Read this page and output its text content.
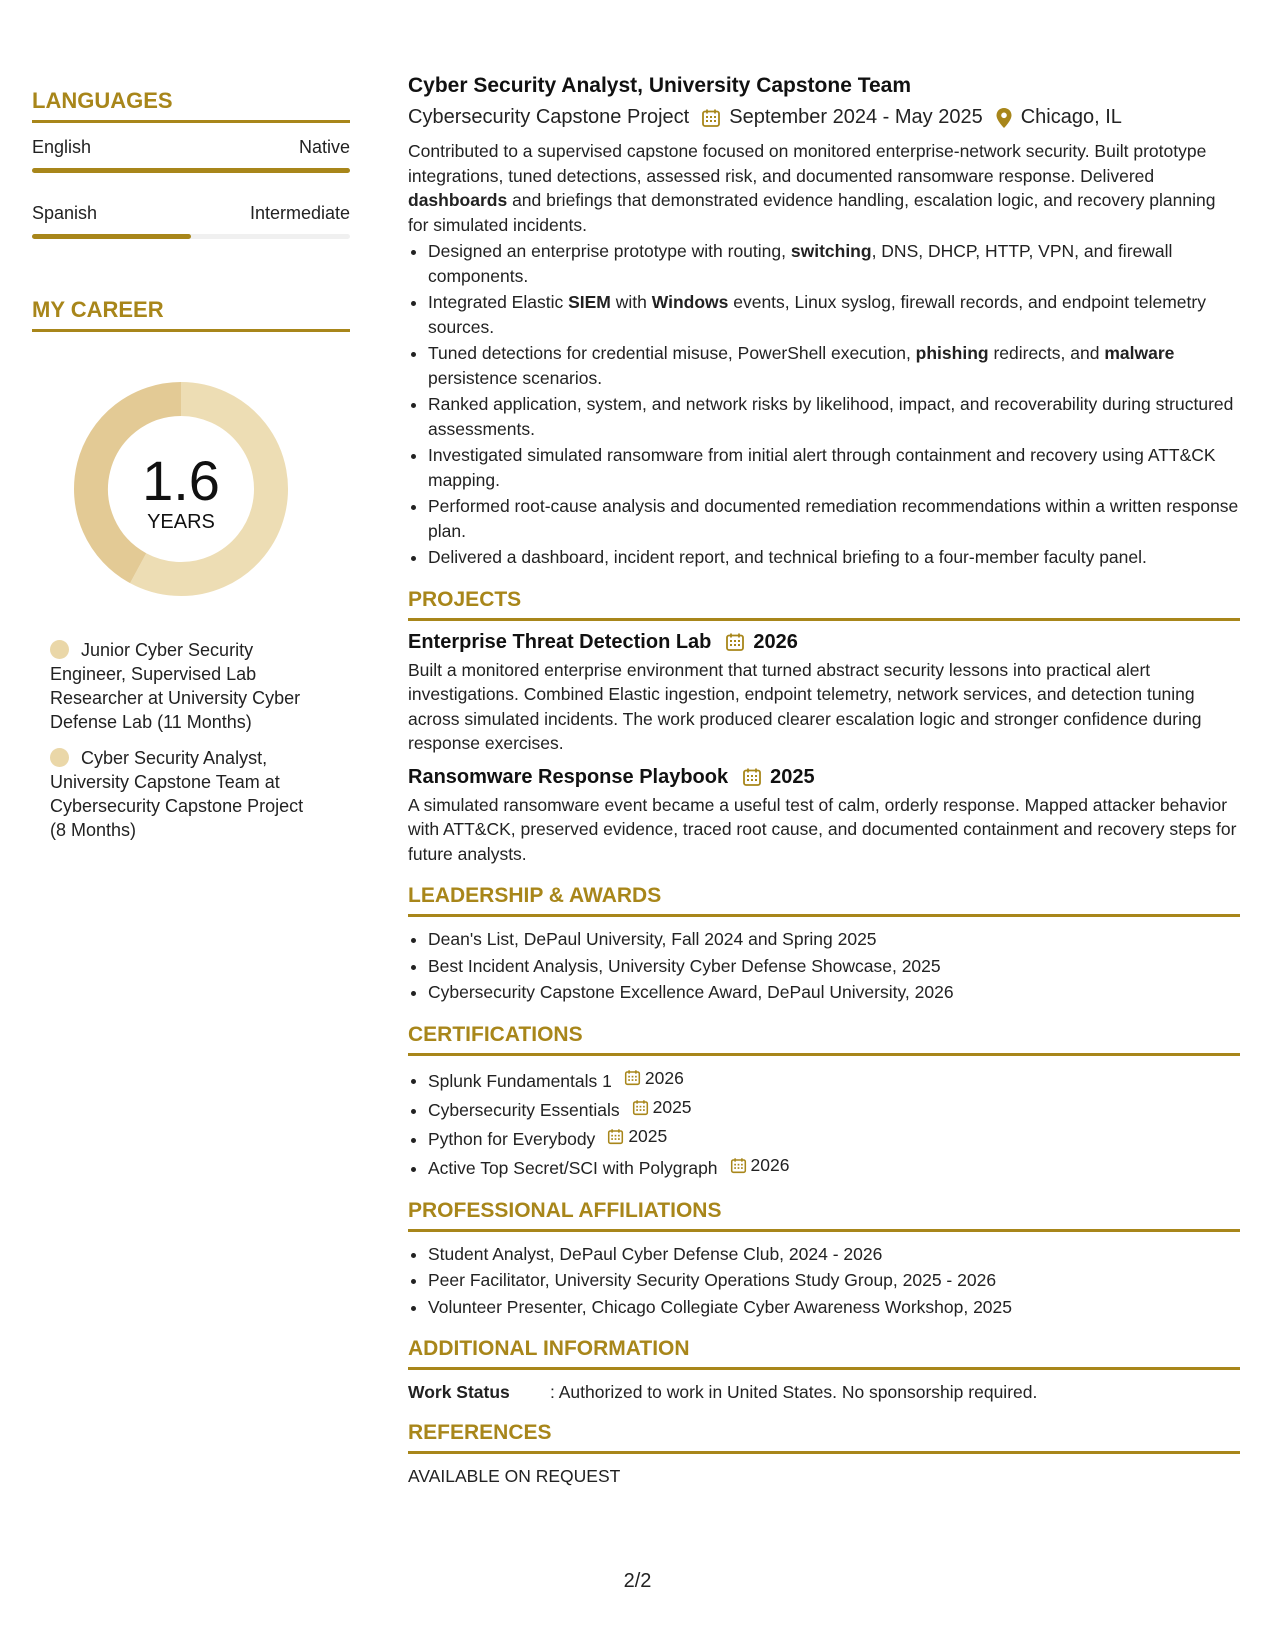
LANGUAGES
English	Native
Spanish	Intermediate
MY CAREER
1.6
YEARS
Junior Cyber Security Engineer, Supervised Lab Researcher at University Cyber Defense Lab (11 Months)
Cyber Security Analyst, University Capstone Team at Cybersecurity Capstone Project (8 Months)
Cyber Security Analyst, University Capstone Team
Cybersecurity Capstone Project September 2024 - May 2025 Chicago, IL
Contributed to a supervised capstone focused on monitored enterprise-network security. Built prototype integrations, tuned detections, assessed risk, and documented ransomware response. Delivered dashboards and briefings that demonstrated evidence handling, escalation logic, and recovery planning for simulated incidents.
• Designed an enterprise prototype with routing, switching, DNS, DHCP, HTTP, VPN, and firewall components.
• Integrated Elastic SIEM with Windows events, Linux syslog, firewall records, and endpoint telemetry sources.
• Tuned detections for credential misuse, PowerShell execution, phishing redirects, and malware persistence scenarios.
• Ranked application, system, and network risks by likelihood, impact, and recoverability during structured assessments.
• Investigated simulated ransomware from initial alert through containment and recovery using ATT&CK mapping.
• Performed root-cause analysis and documented remediation recommendations within a written response plan.
• Delivered a dashboard, incident report, and technical briefing to a four-member faculty panel.
PROJECTS
Enterprise Threat Detection Lab 2026
Built a monitored enterprise environment that turned abstract security lessons into practical alert investigations. Combined Elastic ingestion, endpoint telemetry, network services, and detection tuning across simulated incidents. The work produced clearer escalation logic and stronger confidence during response exercises.
Ransomware Response Playbook 2025
A simulated ransomware event became a useful test of calm, orderly response. Mapped attacker behavior with ATT&CK, preserved evidence, traced root cause, and documented containment and recovery steps for future analysts.
LEADERSHIP & AWARDS
• Dean's List, DePaul University, Fall 2024 and Spring 2025
• Best Incident Analysis, University Cyber Defense Showcase, 2025
• Cybersecurity Capstone Excellence Award, DePaul University, 2026
CERTIFICATIONS
• Splunk Fundamentals 1 2026
• Cybersecurity Essentials 2025
• Python for Everybody 2025
• Active Top Secret/SCI with Polygraph 2026
PROFESSIONAL AFFILIATIONS
• Student Analyst, DePaul Cyber Defense Club, 2024 - 2026
• Peer Facilitator, University Security Operations Study Group, 2025 - 2026
• Volunteer Presenter, Chicago Collegiate Cyber Awareness Workshop, 2025
ADDITIONAL INFORMATION
Work Status	: Authorized to work in United States. No sponsorship required.
REFERENCES
AVAILABLE ON REQUEST
2/2
